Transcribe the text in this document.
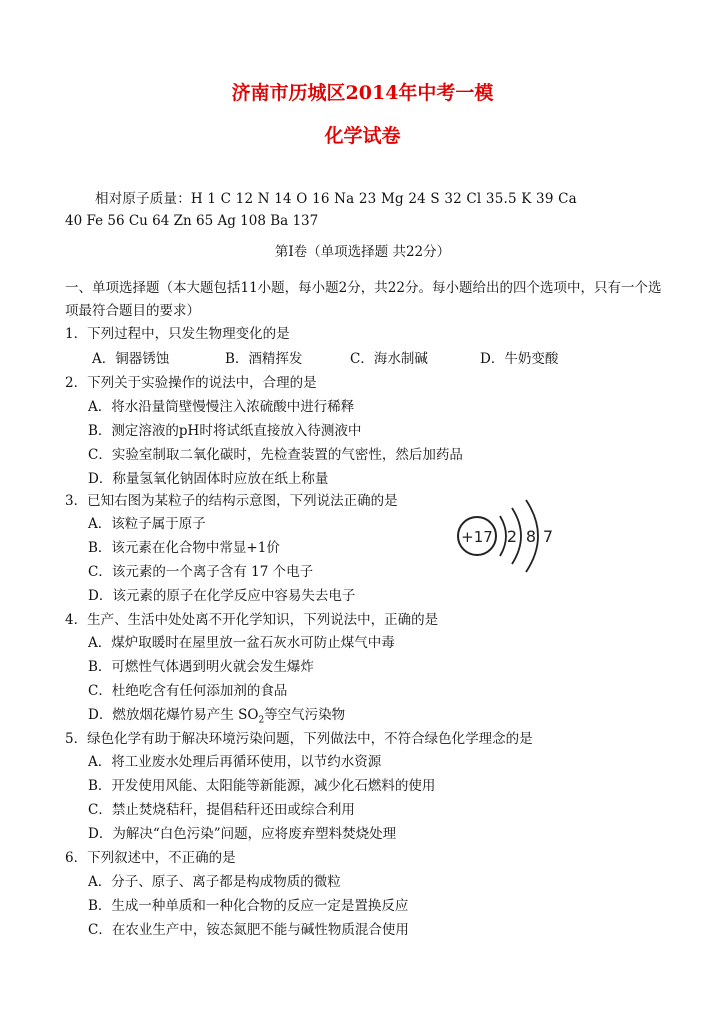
济南市历城区2014年中考一模
化学试卷
相对原子质量：H 1 C 12 N 14 O 16 Na 23 Mg 24 S 32 Cl 35.5 K 39 Ca
40 Fe 56 Cu 64 Zn 65 Ag 108 Ba 137
第Ⅰ卷（单项选择题 共22分）
一、单项选择题（本大题包括11小题，每小题2分，共22分。每小题给出的四个选项中，只有一个选项最符合题目的要求）
1．下列过程中，只发生物理变化的是
A．铜器锈蚀	B．酒精挥发	C．海水制碱	D．牛奶变酸
2．下列关于实验操作的说法中，合理的是
A．将水沿量筒壁慢慢注入浓硫酸中进行稀释
B．测定溶液的pH时将试纸直接放入待测液中
C．实验室制取二氧化碳时，先检查装置的气密性，然后加药品
D．称量氢氧化钠固体时应放在纸上称量
3．已知右图为某粒子的结构示意图，下列说法正确的是
A．该粒子属于原子
B．该元素在化合物中常显+1价
C．该元素的一个离子含有 17 个电子
D．该元素的原子在化学反应中容易失去电子
+17 2 8 7
4．生产、生活中处处离不开化学知识，下列说法中，正确的是
A．煤炉取暖时在屋里放一盆石灰水可防止煤气中毒
B．可燃性气体遇到明火就会发生爆炸
C．杜绝吃含有任何添加剂的食品
D．燃放烟花爆竹易产生 $SO_2$等空气污染物
5．绿色化学有助于解决环境污染问题，下列做法中，不符合绿色化学理念的是
A．将工业废水处理后再循环使用，以节约水资源
B．开发使用风能、太阳能等新能源，减少化石燃料的使用
C．禁止焚烧秸秆，提倡秸秆还田或综合利用
D．为解决“白色污染”问题，应将废弃塑料焚烧处理
6．下列叙述中，不正确的是
A．分子、原子、离子都是构成物质的微粒
B．生成一种单质和一种化合物的反应一定是置换反应
C．在农业生产中，铵态氮肥不能与碱性物质混合使用
